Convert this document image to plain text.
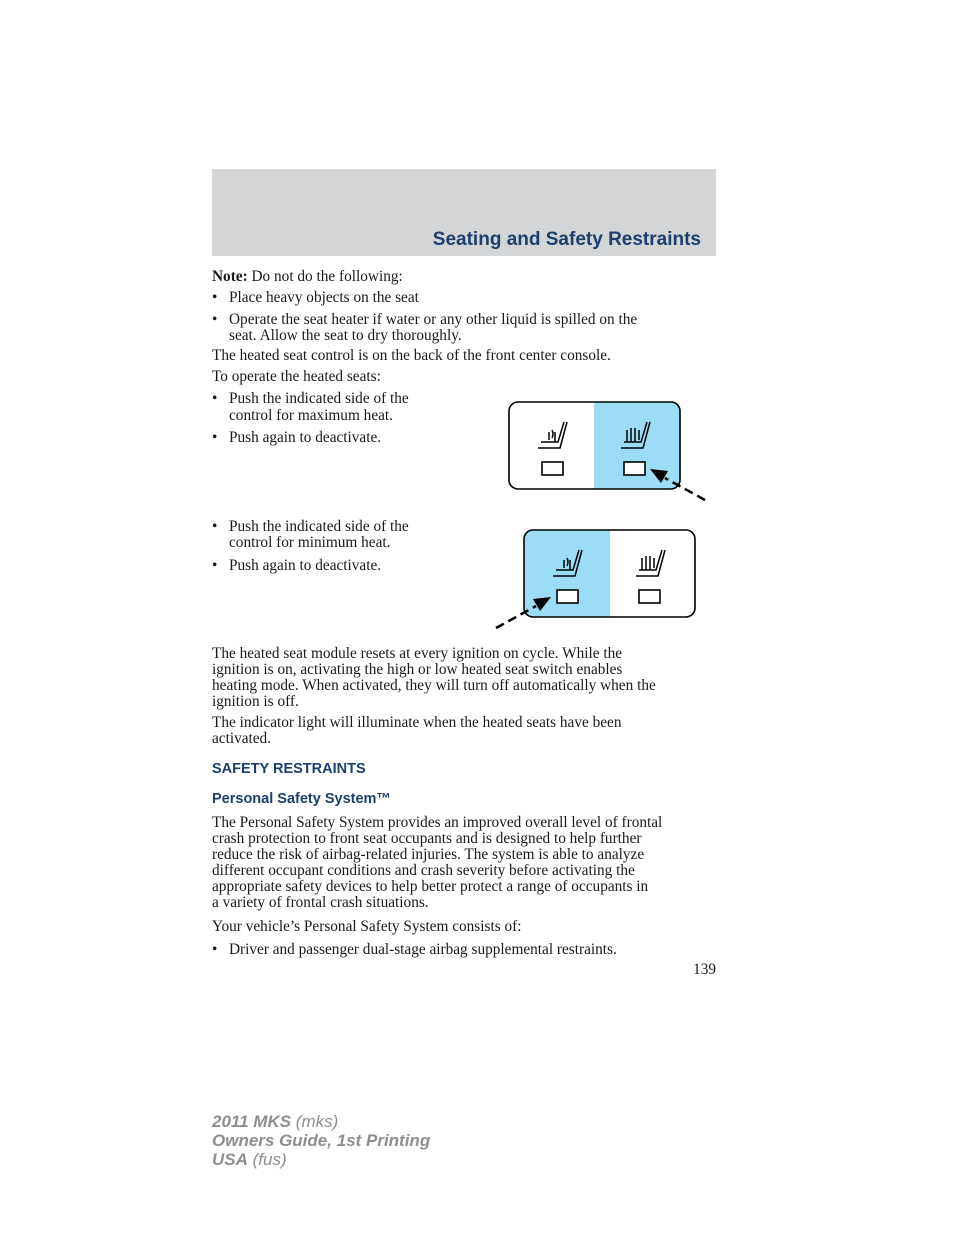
Seating and Safety Restraints
Note: Do not do the following:
• Place heavy objects on the seat
• Operate the seat heater if water or any other liquid is spilled on the
seat. Allow the seat to dry thoroughly.
The heated seat control is on the back of the front center console.
To operate the heated seats:
• Push the indicated side of the
control for maximum heat.
• Push again to deactivate.
• Push the indicated side of the
control for minimum heat.
• Push again to deactivate.
The heated seat module resets at every ignition on cycle. While the
ignition is on, activating the high or low heated seat switch enables
heating mode. When activated, they will turn off automatically when the
ignition is off.
The indicator light will illuminate when the heated seats have been
activated.
SAFETY RESTRAINTS
Personal Safety System™
The Personal Safety System provides an improved overall level of frontal
crash protection to front seat occupants and is designed to help further
reduce the risk of airbag-related injuries. The system is able to analyze
different occupant conditions and crash severity before activating the
appropriate safety devices to help better protect a range of occupants in
a variety of frontal crash situations.
Your vehicle’s Personal Safety System consists of:
• Driver and passenger dual-stage airbag supplemental restraints.
139
2011 MKS (mks)
Owners Guide, 1st Printing
USA (fus)
